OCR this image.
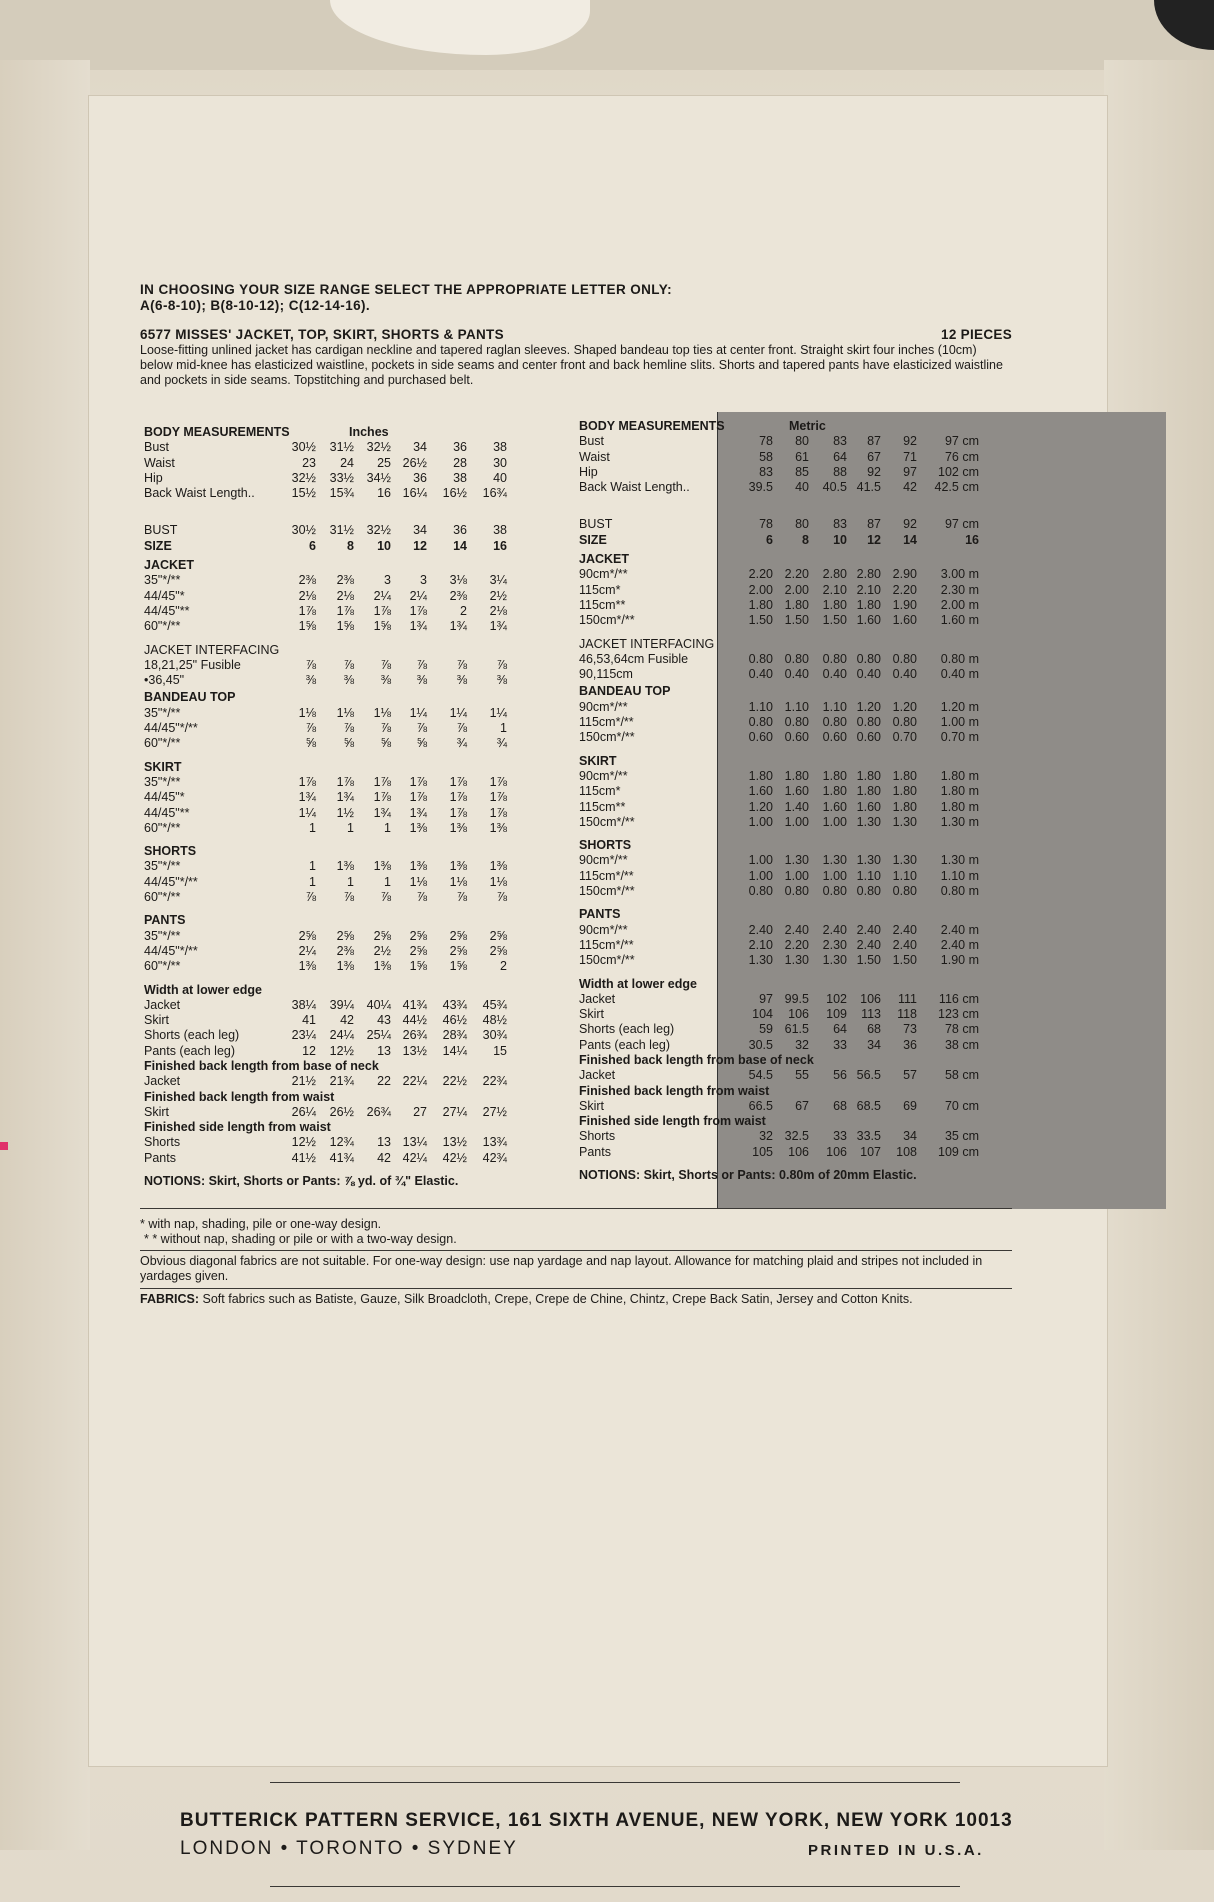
IN CHOOSING YOUR SIZE RANGE SELECT THE APPROPRIATE LETTER ONLY:
A(6-8-10); B(8-10-12); C(12-14-16).
6577 MISSES' JACKET, TOP, SKIRT, SHORTS & PANTS	12 PIECES
Loose-fitting unlined jacket has cardigan neckline and tapered raglan sleeves. Shaped bandeau top ties at center front. Straight skirt four inches (10cm) below mid-knee has elasticized waistline, pockets in side seams and center front and back hemline slits. Shorts and tapered pants have elasticized waistline and pockets in side seams. Topstitching and purchased belt.
BODY MEASUREMENTS	Inches
Bust	30½	31½	32½	34	36	38
Waist	23	24	25 26½	28	30
Hip	32½	33½	34½	36	38	40
Back Waist Length..	15½	15¾	16 16¼	16½	16¾
BUST	30½	31½	32½	34	36	38
SIZE	6	8	10	12	14	16
JACKET
35"*/**	2⅜	2⅜	3	3	3⅛	3¼
44/45"*	2⅛	2⅛	2¼	2¼	2⅜	2½
44/45"**	1⅞	1⅞	1⅞	1⅞	2	2⅛
60"*/**	1⅝	1⅝	1⅝	1¾	1¾	1¾
JACKET INTERFACING
18,21,25" Fusible	⅞	⅞	⅞	⅞	⅞	⅞
•36,45"	⅜	⅜	⅜	⅜	⅜	⅜
BANDEAU TOP
35"*/**	1⅛	1⅛	1⅛	1¼	1¼	1¼
44/45"*/**	⅞	⅞	⅞	⅞	⅞	1
60"*/**	⅝	⅝	⅝	⅝	¾	¾
SKIRT
35"*/**	1⅞	1⅞	1⅞	1⅞	1⅞	1⅞
44/45"*	1¾	1¾	1⅞	1⅞	1⅞	1⅞
44/45"**	1¼	1½	1¾	1¾	1⅞	1⅞
60"*/**	1	1	1	1⅜	1⅜	1⅜
SHORTS
35"*/**	1	1⅜	1⅜	1⅜	1⅜	1⅜
44/45"*/**	1	1	1	1⅛	1⅛	1⅛
60"*/**	⅞	⅞	⅞	⅞	⅞	⅞
PANTS
35"*/**	2⅝	2⅝	2⅝	2⅝	2⅝	2⅝
44/45"*/**	2¼	2⅜	2½	2⅝	2⅝	2⅝
60"*/**	1⅜	1⅜	1⅜	1⅝	1⅝	2
Width at lower edge
Jacket	38¼	39¼	40¼ 41¾	43¾	45¾
Skirt	41	42	43 44½	46½	48½
Shorts (each leg)	23¼	24¼	25¼ 26¾	28¾	30¾
Pants (each leg)	12	12½	13 13½	14¼	15
Finished back length from base of neck
Jacket	21½	21¾	22 22¼	22½	22¾
Finished back length from waist
Skirt	26¼	26½	26¾	27	27¼	27½
Finished side length from waist
Shorts	12½	12¾	13 13¼	13½	13¾
Pants	41½	41¾	42 42¼	42½	42¾
NOTIONS: Skirt, Shorts or Pants: ⅞ yd. of ¾" Elastic.
BODY MEASUREMENTS	Metric
Bust	78	80	83	87	92	97 cm
Waist	58	61	64	67	71	76 cm
Hip	83	85	88	92	97	102 cm
Back Waist Length..	39.5	40	40.5 41.5	42	42.5 cm
BUST	78	80	83	87	92	97 cm
SIZE	6	8	10	12	14	16
JACKET
90cm*/**	2.20 2.20	2.80 2.80 2.90	3.00 m
115cm*	2.00 2.00	2.10 2.10 2.20	2.30 m
115cm**	1.80 1.80	1.80 1.80 1.90	2.00 m
150cm*/**	1.50 1.50	1.50 1.60 1.60	1.60 m
JACKET INTERFACING
46,53,64cm Fusible	0.80 0.80	0.80 0.80 0.80	0.80 m
90,115cm	0.40 0.40	0.40 0.40 0.40	0.40 m
BANDEAU TOP
90cm*/**	1.10 1.10	1.10 1.20 1.20	1.20 m
115cm*/**	0.80 0.80	0.80 0.80 0.80	1.00 m
150cm*/**	0.60 0.60	0.60 0.60 0.70	0.70 m
SKIRT
90cm*/**	1.80 1.80	1.80 1.80 1.80	1.80 m
115cm*	1.60 1.60	1.80 1.80 1.80	1.80 m
115cm**	1.20 1.40	1.60 1.60 1.80	1.80 m
150cm*/**	1.00 1.00	1.00 1.30 1.30	1.30 m
SHORTS
90cm*/**	1.00 1.30	1.30 1.30 1.30	1.30 m
115cm*/**	1.00 1.00	1.00 1.10 1.10	1.10 m
150cm*/**	0.80 0.80	0.80 0.80 0.80	0.80 m
PANTS
90cm*/**	2.40 2.40	2.40 2.40 2.40	2.40 m
115cm*/**	2.10 2.20	2.30 2.40 2.40	2.40 m
150cm*/**	1.30 1.30	1.30 1.50 1.50	1.90 m
Width at lower edge
Jacket	97 99.5	102	106	111	116 cm
Skirt	104	106	109	113	118	123 cm
Shorts (each leg)	59 61.5	64	68	73	78 cm
Pants (each leg)	30.5	32	33	34	36	38 cm
Finished back length from base of neck
Jacket	54.5	55	56 56.5	57	58 cm
Finished back length from waist
Skirt	66.5	67	68 68.5	69	70 cm
Finished side length from waist
Shorts	32 32.5	33 33.5	34	35 cm
Pants	105	106	106	107	108	109 cm
NOTIONS: Skirt, Shorts or Pants: 0.80m of 20mm Elastic.
* with nap, shading, pile or one-way design.
* * without nap, shading or pile or with a two-way design.
Obvious diagonal fabrics are not suitable. For one-way design: use nap yardage and nap layout. Allowance for matching plaid and stripes not included in yardages given.
FABRICS: Soft fabrics such as Batiste, Gauze, Silk Broadcloth, Crepe, Crepe de Chine, Chintz, Crepe Back Satin, Jersey and Cotton Knits.
BUTTERICK PATTERN SERVICE, 161 SIXTH AVENUE, NEW YORK, NEW YORK 10013
LONDON • TORONTO • SYDNEY	PRINTED IN U.S.A.
